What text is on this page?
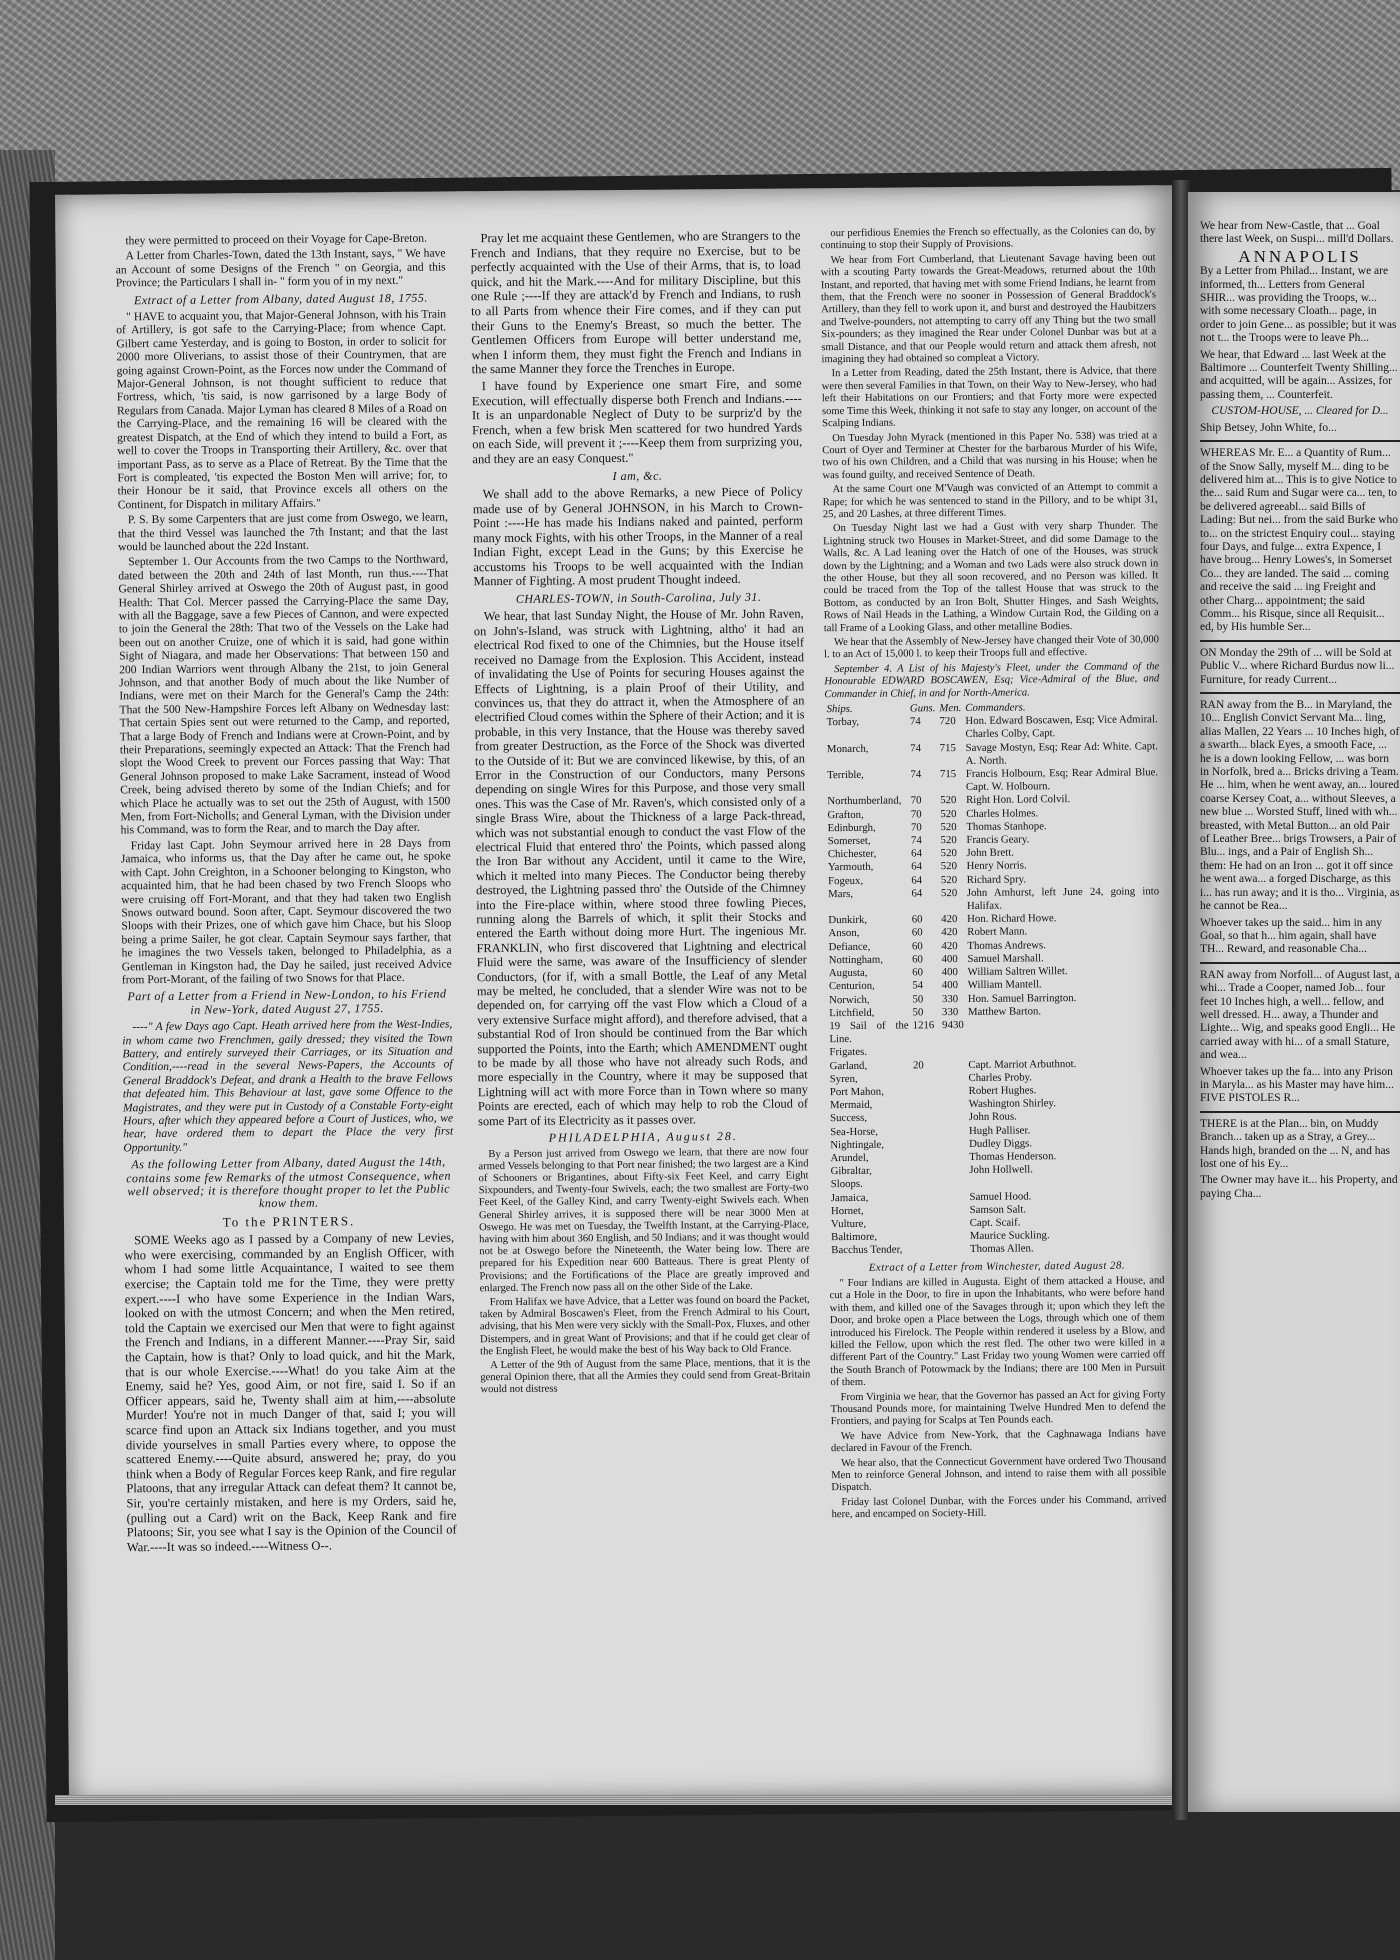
they were permitted to proceed on their Voyage for Cape-Breton.

A Letter from Charles-Town, dated the 13th Instant, says, " We have an Account of some Designs of the French " on Georgia, and this Province; the Particulars I shall in- " form you of in my next."

Extract of a Letter from Albany, dated August 18, 1755.

" HAVE to acquaint you, that Major-General Johnson, with his Train of Artillery, is got safe to the Carrying-Place; from whence Capt. Gilbert came Yesterday, and is going to Boston, in order to solicit for 2000 more Oliverians, to assist those of their Countrymen, that are going against Crown-Point, as the Forces now under the Command of Major-General Johnson, is not thought sufficient to reduce that Fortress, which, 'tis said, is now garrisoned by a large Body of Regulars from Canada. Major Lyman has cleared 8 Miles of a Road on the Carrying-Place, and the remaining 16 will be cleared with the greatest Dispatch, at the End of which they intend to build a Fort, as well to cover the Troops in Transporting their Artillery, &c. over that important Pass, as to serve as a Place of Retreat. By the Time that the Fort is compleated, 'tis expected the Boston Men will arrive; for, to their Honour be it said, that Province excels all others on the Continent, for Dispatch in military Affairs."

P. S. By some Carpenters that are just come from Oswego, we learn, that the third Vessel was launched the 7th Instant; and that the last would be launched about the 22d Instant.

September 1. Our Accounts from the two Camps to the Northward, dated between the 20th and 24th of last Month, run thus.----That General Shirley arrived at Oswego the 20th of August past, in good Health: That Col. Mercer passed the Carrying-Place the same Day, with all the Baggage, save a few Pieces of Cannon, and were expected to join the General the 28th: That two of the Vessels on the Lake had been out on another Cruize, one of which it is said, had gone within Sight of Niagara, and made her Observations: That between 150 and 200 Indian Warriors went through Albany the 21st, to join General Johnson, and that another Body of much about the like Number of Indians, were met on their March for the General's Camp the 24th: That the 500 New-Hampshire Forces left Albany on Wednesday last: That certain Spies sent out were returned to the Camp, and reported, That a large Body of French and Indians were at Crown-Point, and by their Preparations, seemingly expected an Attack: That the French had slopt the Wood Creek to prevent our Forces passing that Way: That General Johnson proposed to make Lake Sacrament, instead of Wood Creek, being advised thereto by some of the Indian Chiefs; and for which Place he actually was to set out the 25th of August, with 1500 Men, from Fort-Nicholls; and General Lyman, with the Division under his Command, was to form the Rear, and to march the Day after.

Friday last Capt. John Seymour arrived here in 28 Days from Jamaica, who informs us, that the Day after he came out, he spoke with Capt. John Creighton, in a Schooner belonging to Kingston, who acquainted him, that he had been chased by two French Sloops who were cruising off Fort-Morant, and that they had taken two English Snows outward bound. Soon after, Capt. Seymour discovered the two Sloops with their Prizes, one of which gave him Chace, but his Sloop being a prime Sailer, he got clear. Captain Seymour says farther, that he imagines the two Vessels taken, belonged to Philadelphia, as a Gentleman in Kingston had, the Day he sailed, just received Advice from Port-Morant, of the failing of two Snows for that Place.

Part of a Letter from a Friend in New-London, to his Friend in New-York, dated August 27, 1755.

----" A few Days ago Capt. Heath arrived here from the West-Indies, in whom came two Frenchmen, gaily dressed; they visited the Town Battery, and entirely surveyed their Carriages, or its Situation and Condition,----read in the several News-Papers, the Accounts of General Braddock's Defeat, and drank a Health to the brave Fellows that defeated him. This Behaviour at last, gave some Offence to the Magistrates, and they were put in Custody of a Constable Forty-eight Hours, after which they appeared before a Court of Justices, who, we hear, have ordered them to depart the Place the very first Opportunity."

As the following Letter from Albany, dated August the 14th, contains some few Remarks of the utmost Consequence, when well observed; it is therefore thought proper to let the Public know them.
To the PRINTERS.

SOME Weeks ago as I passed by a Company of new Levies, who were exercising, commanded by an English Officer, with whom I had some little Acquaintance, I waited to see them exercise; the Captain told me for the Time, they were pretty expert.----I who have some Experience in the Indian Wars, looked on with the utmost Concern; and when the Men retired, told the Captain we exercised our Men that were to fight against the French and Indians, in a different Manner.----Pray Sir, said the Captain, how is that? Only to load quick, and hit the Mark, that is our whole Exercise.----What! do you take Aim at the Enemy, said he? Yes, good Aim, or not fire, said I. So if an Officer appears, said he, Twenty shall aim at him,----absolute Murder! You're not in much Danger of that, said I; you will scarce find upon an Attack six Indians together, and you must divide yourselves in small Parties every where, to oppose the scattered Enemy.----Quite absurd, answered he; pray, do you think when a Body of Regular Forces keep Rank, and fire regular Platoons, that any irregular Attack can defeat them? It cannot be, Sir, you're certainly mistaken, and here is my Orders, said he, (pulling out a Card) writ on the Back, Keep Rank and fire Platoons; Sir, you see what I say is the Opinion of the Council of War.----It was so indeed.----Witness O--.

Pray let me acquaint these Gentlemen, who are Strangers to the French and Indians, that they require no Exercise, but to be perfectly acquainted with the Use of their Arms, that is, to load quick, and hit the Mark.----And for military Discipline, but this one Rule ;----If they are attack'd by French and Indians, to rush to all Parts from whence their Fire comes, and if they can put their Guns to the Enemy's Breast, so much the better. The Gentlemen Officers from Europe will better understand me, when I inform them, they must fight the French and Indians in the same Manner they force the Trenches in Europe.

I have found by Experience one smart Fire, and some Execution, will effectually disperse both French and Indians.----It is an unpardonable Neglect of Duty to be surpriz'd by the French, when a few brisk Men scattered for two hundred Yards on each Side, will prevent it ;----Keep them from surprizing you, and they are an easy Conquest."

I am, &c.

We shall add to the above Remarks, a new Piece of Policy made use of by General JOHNSON, in his March to Crown-Point :----He has made his Indians naked and painted, perform many mock Fights, with his other Troops, in the Manner of a real Indian Fight, except Lead in the Guns; by this Exercise he accustoms his Troops to be well acquainted with the Indian Manner of Fighting. A most prudent Thought indeed.

CHARLES-TOWN, in South-Carolina, July 31.

We hear, that last Sunday Night, the House of Mr. John Raven, on John's-Island, was struck with Lightning, altho' it had an electrical Rod fixed to one of the Chimnies, but the House itself received no Damage from the Explosion. This Accident, instead of invalidating the Use of Points for securing Houses against the Effects of Lightning, is a plain Proof of their Utility, and convinces us, that they do attract it, when the Atmosphere of an electrified Cloud comes within the Sphere of their Action; and it is probable, in this very Instance, that the House was thereby saved from greater Destruction, as the Force of the Shock was diverted to the Outside of it: But we are convinced likewise, by this, of an Error in the Construction of our Conductors, many Persons depending on single Wires for this Purpose, and those very small ones. This was the Case of Mr. Raven's, which consisted only of a single Brass Wire, about the Thickness of a large Pack-thread, which was not substantial enough to conduct the vast Flow of the electrical Fluid that entered thro' the Points, which passed along the Iron Bar without any Accident, until it came to the Wire, which it melted into many Pieces. The Conductor being thereby destroyed, the Lightning passed thro' the Outside of the Chimney into the Fire-place within, where stood three fowling Pieces, running along the Barrels of which, it split their Stocks and entered the Earth without doing more Hurt. The ingenious Mr. FRANKLIN, who first discovered that Lightning and electrical Fluid were the same, was aware of the Insufficiency of slender Conductors, (for if, with a small Bottle, the Leaf of any Metal may be melted, he concluded, that a slender Wire was not to be depended on, for carrying off the vast Flow which a Cloud of a very extensive Surface might afford), and therefore advised, that a substantial Rod of Iron should be continued from the Bar which supported the Points, into the Earth; which AMENDMENT ought to be made by all those who have not already such Rods, and more especially in the Country, where it may be supposed that Lightning will act with more Force than in Town where so many Points are erected, each of which may help to rob the Cloud of some Part of its Electricity as it passes over.

PHILADELPHIA, August 28.

By a Person just arrived from Oswego we learn, that there are now four armed Vessels belonging to that Port near finished; the two largest are a Kind of Schooners or Brigantines, about Fifty-six Feet Keel, and carry Eight Sixpounders, and Twenty-four Swivels, each; the two smallest are Forty-two Feet Keel, of the Galley Kind, and carry Twenty-eight Swivels each. When General Shirley arrives, it is supposed there will be near 3000 Men at Oswego. He was met on Tuesday, the Twelfth Instant, at the Carrying-Place, having with him about 360 English, and 50 Indians; and it was thought would not be at Oswego before the Nineteenth, the Water being low. There are prepared for his Expedition near 600 Batteaus. There is great Plenty of Provisions; and the Fortifications of the Place are greatly improved and enlarged. The French now pass all on the other Side of the Lake.

From Halifax we have Advice, that a Letter was found on board the Packet, taken by Admiral Boscawen's Fleet, from the French Admiral to his Court, advising, that his Men were very sickly with the Small-Pox, Fluxes, and other Distempers, and in great Want of Provisions; and that if he could get clear of the English Fleet, he would make the best of his Way back to Old France.

A Letter of the 9th of August from the same Place, mentions, that it is the general Opinion there, that all the Armies they could send from Great-Britain would not distress

our perfidious Enemies the French so effectually, as the Colonies can do, by continuing to stop their Supply of Provisions.

We hear from Fort Cumberland, that Lieutenant Savage having been out with a scouting Party towards the Great-Meadows, returned about the 10th Instant, and reported, that having met with some Friend Indians, he learnt from them, that the French were no sooner in Possession of General Braddock's Artillery, than they fell to work upon it, and burst and destroyed the Haubitzers and Twelve-pounders, not attempting to carry off any Thing but the two small Six-pounders; as they imagined the Rear under Colonel Dunbar was but at a small Distance, and that our People would return and attack them afresh, not imagining they had obtained so compleat a Victory.

In a Letter from Reading, dated the 25th Instant, there is Advice, that there were then several Families in that Town, on their Way to New-Jersey, who had left their Habitations on our Frontiers; and that Forty more were expected some Time this Week, thinking it not safe to stay any longer, on account of the Scalping Indians.

On Tuesday John Myrack (mentioned in this Paper No. 538) was tried at a Court of Oyer and Terminer at Chester for the barbarous Murder of his Wife, two of his own Children, and a Child that was nursing in his House; when he was found guilty, and received Sentence of Death.

At the same Court one M'Vaugh was convicted of an Attempt to commit a Rape; for which he was sentenced to stand in the Pillory, and to be whipt 31, 25, and 20 Lashes, at three different Times.

On Tuesday Night last we had a Gust with very sharp Thunder. The Lightning struck two Houses in Market-Street, and did some Damage to the Walls, &c. A Lad leaning over the Hatch of one of the Houses, was struck down by the Lightning; and a Woman and two Lads were also struck down in the other House, but they all soon recovered, and no Person was killed. It could be traced from the Top of the tallest House that was struck to the Bottom, as conducted by an Iron Bolt, Shutter Hinges, and Sash Weights, Rows of Nail Heads in the Lathing, a Window Curtain Rod, the Gilding on a tall Frame of a Looking Glass, and other metalline Bodies.

We hear that the Assembly of New-Jersey have changed their Vote of 30,000 l. to an Act of 15,000 l. to keep their Troops full and effective.

September 4. A List of his Majesty's Fleet, under the Command of the Honourable EDWARD BOSCAWEN, Esq; Vice-Admiral of the Blue, and Commander in Chief, in and for North-America.

Ships.	Guns.	Men.	Commanders.
Torbay,	74	720	Hon. Edward Boscawen, Esq; Vice Admiral. Charles Colby, Capt.
Monarch,	74	715	Savage Mostyn, Esq; Rear Ad: White. Capt. A. North.
Terrible,	74	715	Francis Holbourn, Esq; Rear Admiral Blue. Capt. W. Holbourn.
Northumberland,	70	520	Right Hon. Lord Colvil.
Grafton,	70	520	Charles Holmes.
Edinburgh,	70	520	Thomas Stanhope.
Somerset,	74	520	Francis Geary.
Chichester,	64	520	John Brett.
Yarmouth,	64	520	Henry Norris.
Fogeux,	64	520	Richard Spry.
Mars,	64	520	John Amhurst, left June 24, going into Halifax.
Dunkirk,	60	420	Hon. Richard Howe.
Anson,	60	420	Robert Mann.
Defiance,	60	420	Thomas Andrews.
Nottingham,	60	400	Samuel Marshall.
Augusta,	60	400	William Saltren Willet.
Centurion,	54	400	William Mantell.
Norwich,	50	330	Hon. Samuel Barrington.
Litchfield,	50	330	Matthew Barton.
19 Sail of the Line.	1216	9430	
Frigates.			
Garland,	20		Capt. Marriot Arbuthnot.
Syren,			Charles Proby.
Port Mahon,			Robert Hughes.
Mermaid,			Washington Shirley.
Success,			John Rous.
Sea-Horse,			Hugh Palliser.
Nightingale,			Dudley Diggs.
Arundel,			Thomas Henderson.
Gibraltar,			John Hollwell.
Sloops.			
Jamaica,			Samuel Hood.
Hornet,			Samson Salt.
Vulture,			Capt. Scaif.
Baltimore,			Maurice Suckling.
Bacchus Tender,			Thomas Allen.
Extract of a Letter from Winchester, dated August 28.

" Four Indians are killed in Augusta. Eight of them attacked a House, and cut a Hole in the Door, to fire in upon the Inhabitants, who were before hand with them, and killed one of the Savages through it; upon which they left the Door, and broke open a Place between the Logs, through which one of them introduced his Firelock. The People within rendered it useless by a Blow, and killed the Fellow, upon which the rest fled. The other two were killed in a different Part of the Country." Last Friday two young Women were carried off the South Branch of Potowmack by the Indians; there are 100 Men in Pursuit of them.

From Virginia we hear, that the Governor has passed an Act for giving Forty Thousand Pounds more, for maintaining Twelve Hundred Men to defend the Frontiers, and paying for Scalps at Ten Pounds each.

We have Advice from New-York, that the Caghnawaga Indians have declared in Favour of the French.

We hear also, that the Connecticut Government have ordered Two Thousand Men to reinforce General Johnson, and intend to raise them with all possible Dispatch.

Friday last Colonel Dunbar, with the Forces under his Command, arrived here, and encamped on Society-Hill.

We hear from New-Castle, that ... Goal there last Week, on Suspi... mill'd Dollars.

ANNAPOLIS

By a Letter from Philad... Instant, we are informed, th... Letters from General SHIR... was providing the Troops, w... with some necessary Cloath... page, in order to join Gene... as possible; but it was not t... the Troops were to leave Ph...

We hear, that Edward ... last Week at the Baltimore ... Counterfeit Twenty Shilling... and acquitted, will be again... Assizes, for passing them, ... Counterfeit.

CUSTOM-HOUSE, ... Cleared for D...

Ship Betsey, John White, fo...

WHEREAS Mr. E... a Quantity of Rum... of the Snow Sally, myself M... ding to be delivered him at... This is to give Notice to the... said Rum and Sugar were ca... ten, to be delivered agreeabl... said Bills of Lading: But nei... from the said Burke who to... on the strictest Enquiry coul... staying four Days, and fulge... extra Expence, I have broug... Henry Lowes's, in Somerset Co... they are landed. The said ... coming and receive the said ... ing Freight and other Charg... appointment; the said Comm... his Risque, since all Requisit... ed, by His humble Ser...

ON Monday the 29th of ... will be Sold at Public V... where Richard Burdus now li... Furniture, for ready Current...

RAN away from the B... in Maryland, the 10... English Convict Servant Ma... ling, alias Mallen, 22 Years ... 10 Inches high, of a swarth... black Eyes, a smooth Face, ... he is a down looking Fellow, ... was born in Norfolk, bred a... Bricks driving a Team. He ... him, when he went away, an... loured coarse Kersey Coat, a... without Sleeves, a new blue ... Worsted Stuff, lined with wh... breasted, with Metal Button... an old Pair of Leather Bree... brigs Trowsers, a Pair of Blu... ings, and a Pair of English Sh... them: He had on an Iron ... got it off since he went awa... a forged Discharge, as this i... has run away; and it is tho... Virginia, as he cannot be Rea...

Whoever takes up the said... him in any Goal, so that h... him again, shall have TH... Reward, and reasonable Cha...

RAN away from Norfoll... of August last, a whi... Trade a Cooper, named Job... four feet 10 Inches high, a well... fellow, and well dressed. H... away, a Thunder and Lighte... Wig, and speaks good Engli... He carried away with hi... of a small Stature, and wea...

Whoever takes up the fa... into any Prison in Maryla... as his Master may have him... FIVE PISTOLES R...

THERE is at the Plan... bin, on Muddy Branch... taken up as a Stray, a Grey... Hands high, branded on the ... N, and has lost one of his Ey...

The Owner may have it... his Property, and paying Cha...
